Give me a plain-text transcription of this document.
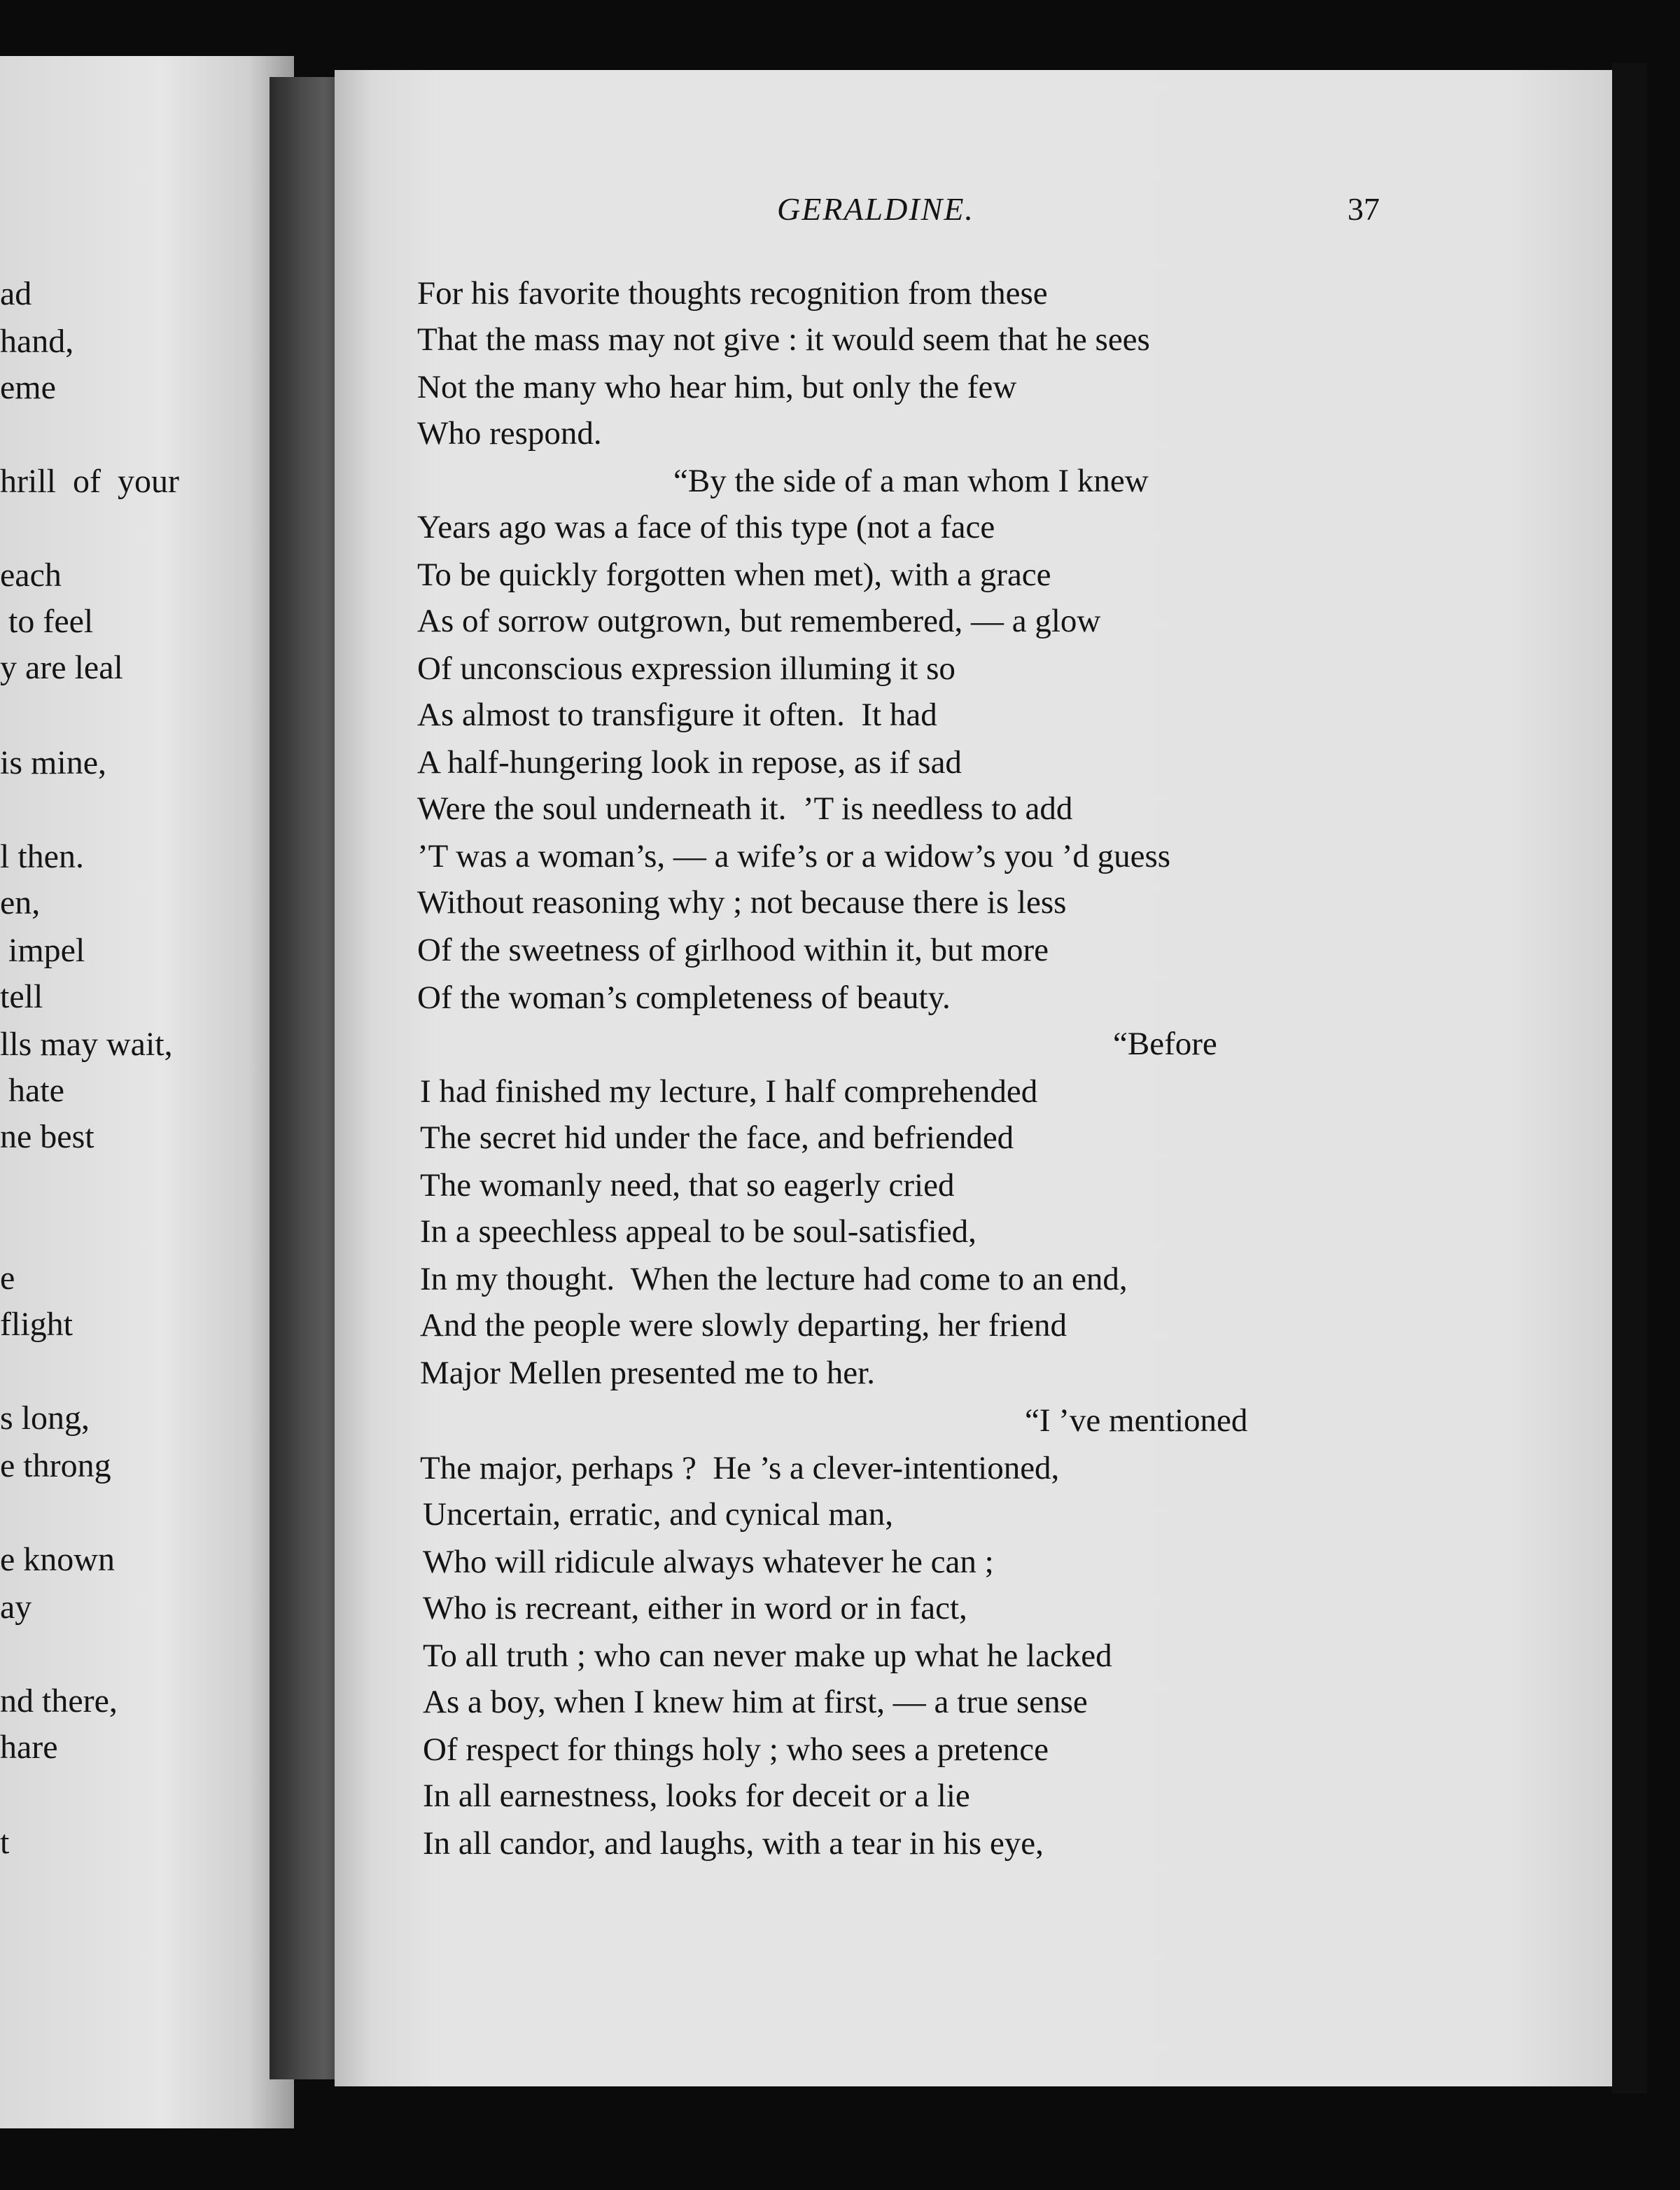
ad

hand,

eme

hrill  of  your

each

to feel

y are leal

is mine,

l then.

en,

impel

tell

lls may wait,

hate

ne best

e

flight

s long,

e throng

e known

ay

nd there,

hare

t

GERALDINE.	37

For his favorite thoughts recognition from these

That the mass may not give : it would seem that he sees

Not the many who hear him, but only the few

Who respond.

“By the side of a man whom I knew

Years ago was a face of this type (not a face

To be quickly forgotten when met), with a grace

As of sorrow outgrown, but remembered, — a glow

Of unconscious expression illuming it so

As almost to transfigure it often.  It had

A half-hungering look in repose, as if sad

Were the soul underneath it.  ’T is needless to add

’T was a woman’s, — a wife’s or a widow’s you ’d guess

Without reasoning why ; not because there is less

Of the sweetness of girlhood within it, but more

Of the woman’s completeness of beauty.

“Before

I had finished my lecture, I half comprehended

The secret hid under the face, and befriended

The womanly need, that so eagerly cried

In a speechless appeal to be soul-satisfied,

In my thought.  When the lecture had come to an end,

And the people were slowly departing, her friend

Major Mellen presented me to her.

“I ’ve mentioned

The major, perhaps ?  He ’s a clever-intentioned,

Uncertain, erratic, and cynical man,

Who will ridicule always whatever he can ;

Who is recreant, either in word or in fact,

To all truth ; who can never make up what he lacked

As a boy, when I knew him at first, — a true sense

Of respect for things holy ; who sees a pretence

In all earnestness, looks for deceit or a lie

In all candor, and laughs, with a tear in his eye,
